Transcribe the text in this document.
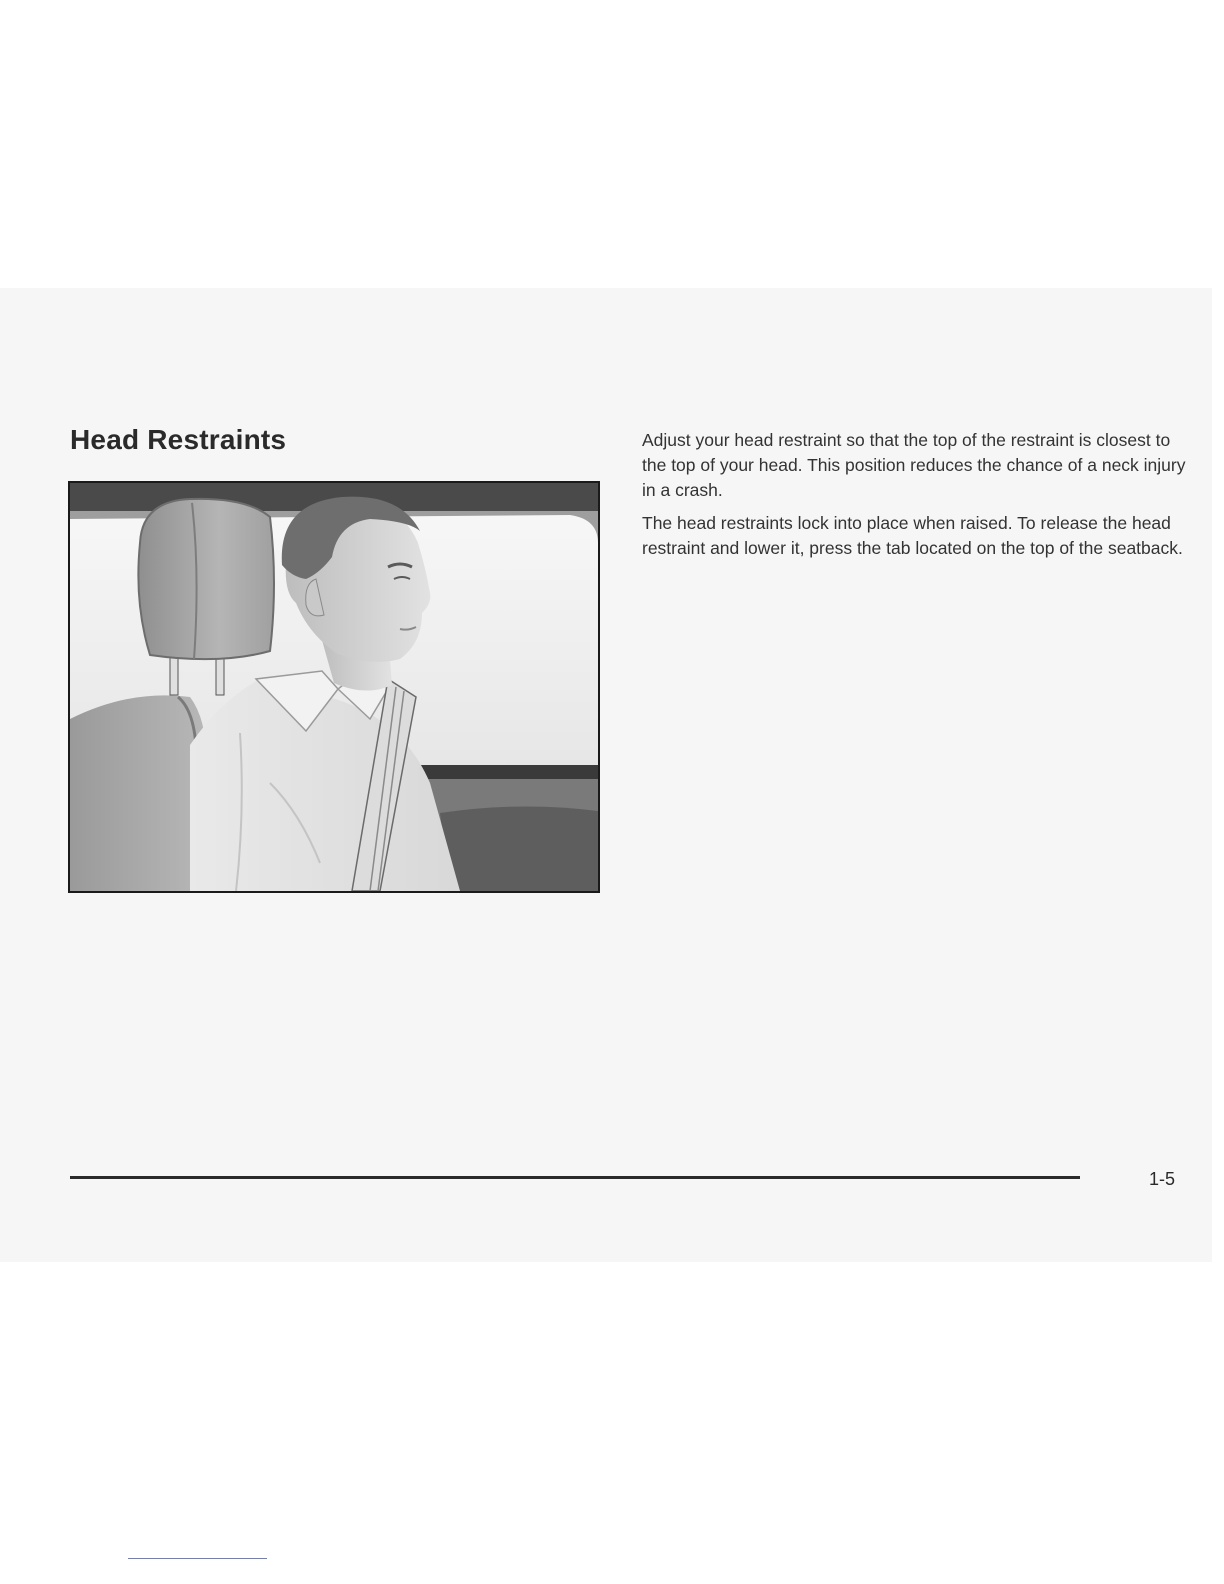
Head Restraints	Adjust your head restraint so that the top of the restraint is closest to the top of your head. This position reduces the chance of a neck injury in a crash.

The head restraints lock into place when raised. To release the head restraint and lower it, press the tab located on the top of the seatback.

1-5
